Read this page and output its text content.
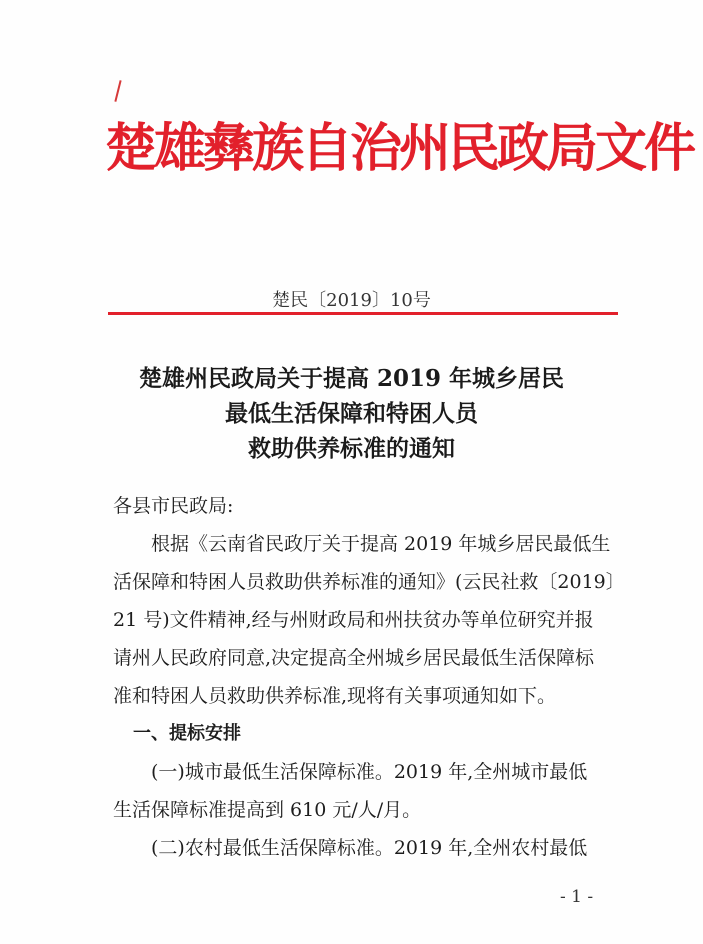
楚雄彝族自治州民政局文件
楚民〔2019〕10号
楚雄州民政局关于提高 2019 年城乡居民
最低生活保障和特困人员
救助供养标准的通知

各县市民政局:

根据《云南省民政厅关于提高 2019 年城乡居民最低生
活保障和特困人员救助供养标准的通知》(云民社救〔2019〕
21 号)文件精神,经与州财政局和州扶贫办等单位研究并报
请州人民政府同意,决定提高全州城乡居民最低生活保障标
准和特困人员救助供养标准,现将有关事项通知如下。

一、提标安排

(一)城市最低生活保障标准。2019 年,全州城市最低
生活保障标准提高到 610 元/人/月。

(二)农村最低生活保障标准。2019 年,全州农村最低

- 1 -
